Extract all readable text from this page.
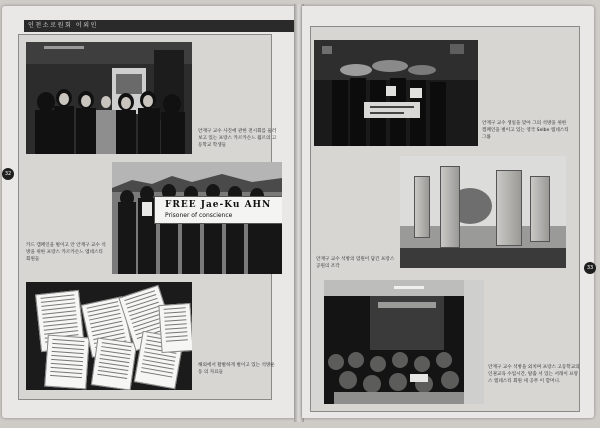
인천소로원회 이외인
안재구 교수 사진에 관한 전시회를 둘러 보고 있는 프랑스 카르카손느 월르의 고등학교 학생들
FREE Jae-Ku AHN
Prisoner of conscience
카드 캠페인을 벌이고 안 안재구 교수 석방을 위한 프랑스 카르카손느 엠네스티 회원들
해외에서 활발하게 벌이고 있는 석방운동 의 자료들
32
안재구 교수 생일을 맞아 그의 석방을 위한 캠페인을 벌이고 있는 영국 Selbe 엠네스티 그룹
안재구 교수 석방의 염원이 담긴 프랑스 공원의 조각
안재구 교수 석방을 외치며 프랑스 고등학교의 인권교육 수업시간, 탈출 서 있는 서래이 프랑스 엠네스티 회원 세 공무 이 할머니.
33
